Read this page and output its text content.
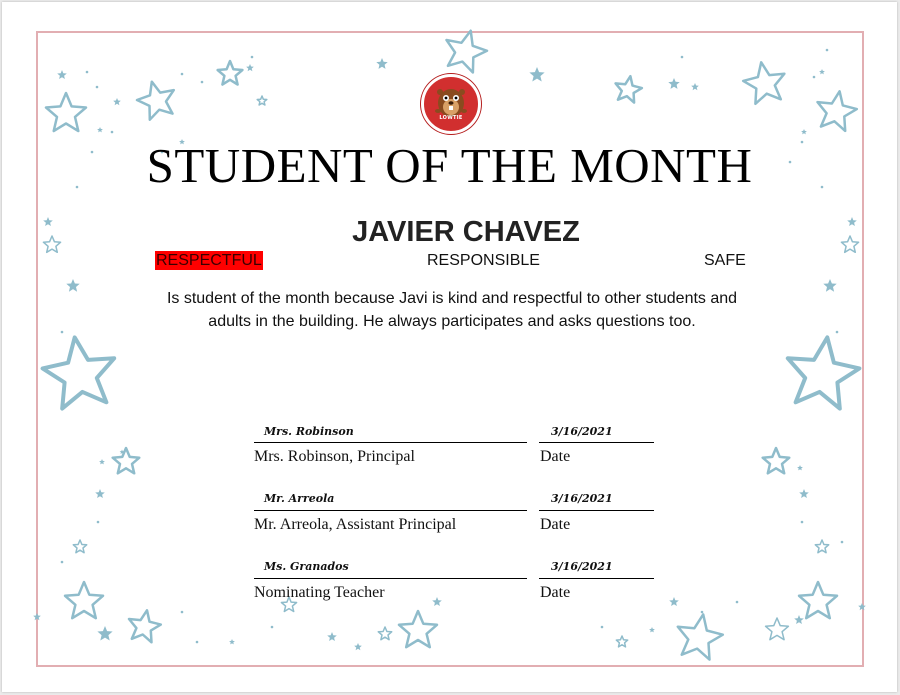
LOWTIE
STUDENT OF THE MONTH
JAVIER CHAVEZ
RESPECTFUL	RESPONSIBLE	SAFE
Is student of the month because Javi is kind and respectful to other students and adults in the building. He always participates and asks questions too.
Mrs. Robinson
Mrs. Robinson, Principal
3/16/2021
Date
Mr. Arreola
Mr. Arreola, Assistant Principal
3/16/2021
Date
Ms. Granados
Nominating Teacher
3/16/2021
Date
